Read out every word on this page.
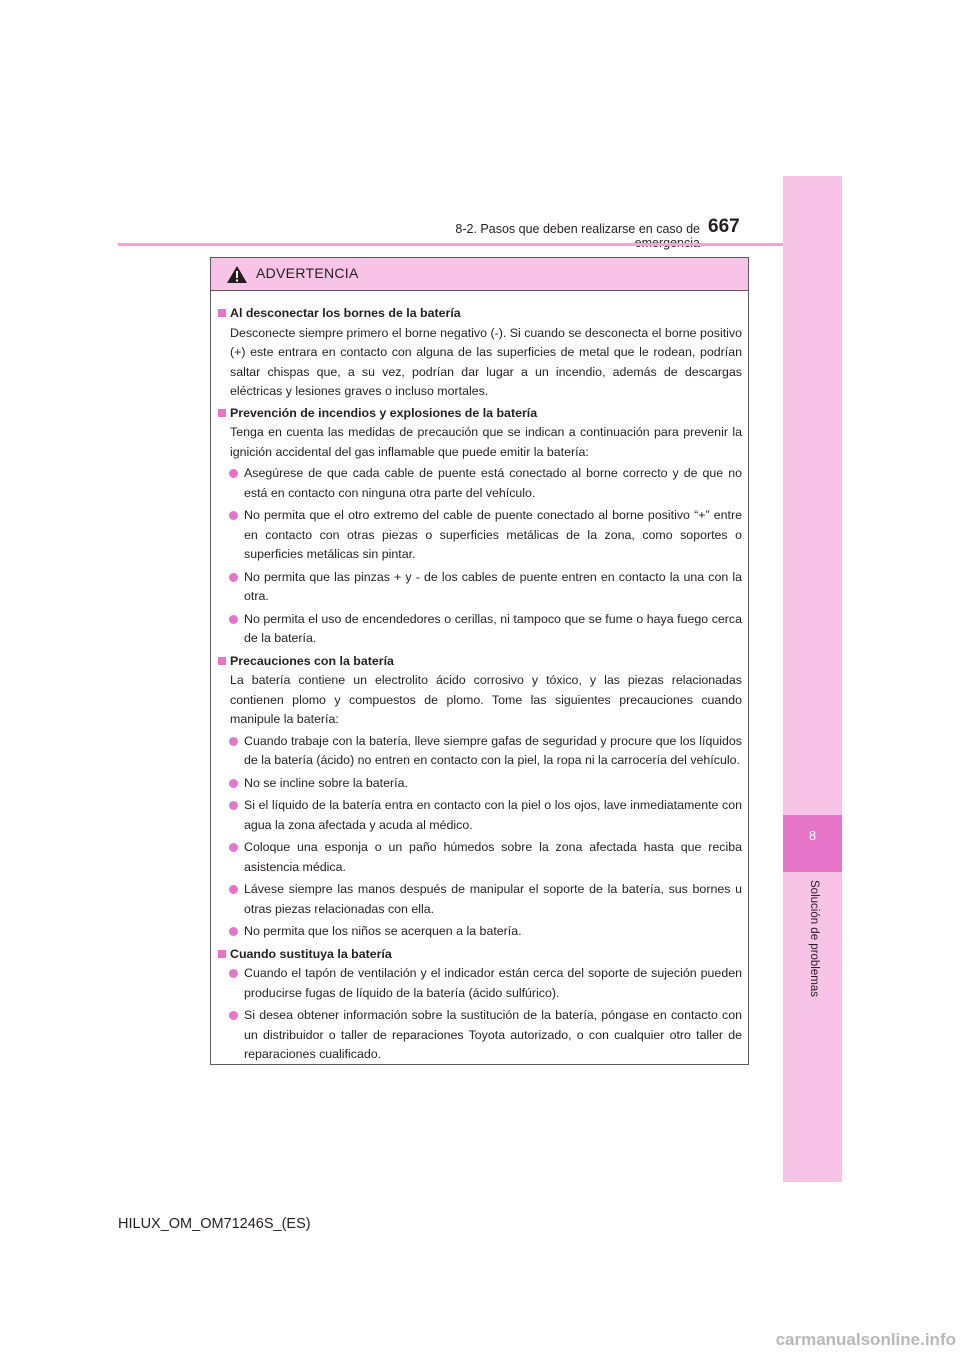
8
Solución de problemas
8-2. Pasos que deben realizarse en caso de 667
ADVERTENCIA
Al desconectar los bornes de la batería
Desconecte siempre primero el borne negativo (-). Si cuando se desconecta el borne positivo (+) este entrara en contacto con alguna de las superficies de metal que le rodean, podrían saltar chispas que, a su vez, podrían dar lugar a un incendio, además de descargas eléctricas y lesiones graves o incluso mortales.
Prevención de incendios y explosiones de la batería
Tenga en cuenta las medidas de precaución que se indican a continuación para prevenir la ignición accidental del gas inflamable que puede emitir la batería:
Asegúrese de que cada cable de puente está conectado al borne correcto y de que no está en contacto con ninguna otra parte del vehículo.
No permita que el otro extremo del cable de puente conectado al borne positivo “+” entre en contacto con otras piezas o superficies metálicas de la zona, como soportes o superficies metálicas sin pintar.
No permita que las pinzas + y - de los cables de puente entren en contacto la una con la otra.
No permita el uso de encendedores o cerillas, ni tampoco que se fume o haya fuego cerca de la batería.
Precauciones con la batería
La batería contiene un electrolito ácido corrosivo y tóxico, y las piezas relacionadas contienen plomo y compuestos de plomo. Tome las siguientes precauciones cuando manipule la batería:
Cuando trabaje con la batería, lleve siempre gafas de seguridad y procure que los líquidos de la batería (ácido) no entren en contacto con la piel, la ropa ni la carrocería del vehículo.
No se incline sobre la batería.
Si el líquido de la batería entra en contacto con la piel o los ojos, lave inmediatamente con agua la zona afectada y acuda al médico.
Coloque una esponja o un paño húmedos sobre la zona afectada hasta que reciba asistencia médica.
Lávese siempre las manos después de manipular el soporte de la batería, sus bornes u otras piezas relacionadas con ella.
No permita que los niños se acerquen a la batería.
Cuando sustituya la batería
Cuando el tapón de ventilación y el indicador están cerca del soporte de sujeción pueden producirse fugas de líquido de la batería (ácido sulfúrico).
Si desea obtener información sobre la sustitución de la batería, póngase en contacto con un distribuidor o taller de reparaciones Toyota autorizado, o con cualquier otro taller de reparaciones cualificado.
HILUX_OM_OM71246S_(ES)
carmanualsonline.info
